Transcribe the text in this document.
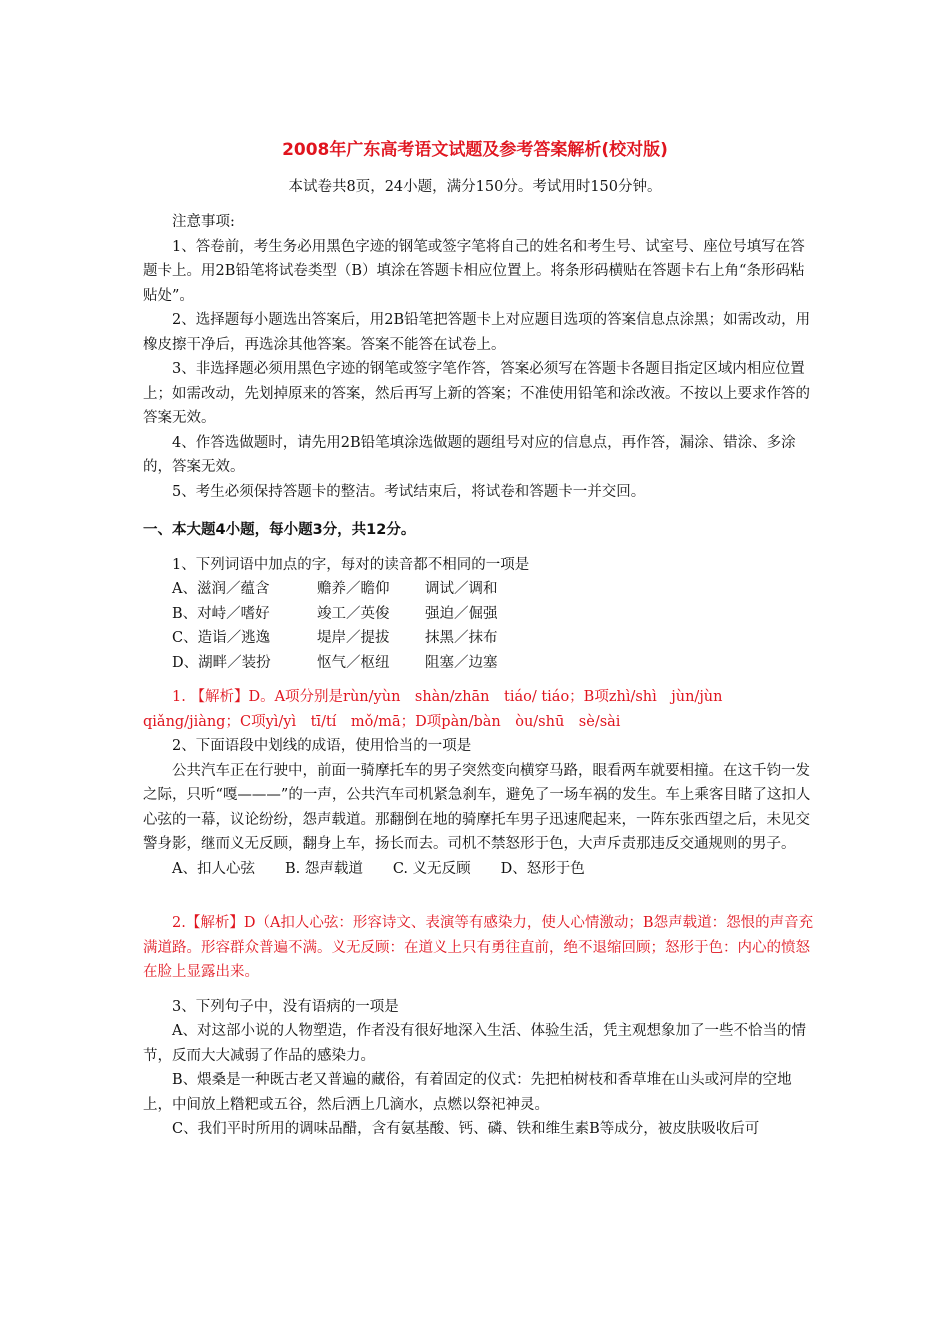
2008年广东高考语文试题及参考答案解析(校对版)
本试卷共8页，24小题，满分150分。考试用时150分钟。

注意事项:

1、答卷前，考生务必用黑色字迹的钢笔或签字笔将自己的姓名和考生号、试室号、座位号填写在答题卡上。用2B铅笔将试卷类型（B）填涂在答题卡相应位置上。将条形码横贴在答题卡右上角“条形码粘贴处”。

2、选择题每小题选出答案后，用2B铅笔把答题卡上对应题目选项的答案信息点涂黑；如需改动，用橡皮擦干净后，再选涂其他答案。答案不能答在试卷上。

3、非选择题必须用黑色字迹的钢笔或签字笔作答，答案必须写在答题卡各题目指定区域内相应位置上；如需改动，先划掉原来的答案，然后再写上新的答案；不准使用铅笔和涂改液。不按以上要求作答的答案无效。

4、作答选做题时，请先用2B铅笔填涂选做题的题组号对应的信息点，再作答，漏涂、错涂、多涂的，答案无效。

5、考生必须保持答题卡的整洁。考试结束后，将试卷和答题卡一并交回。

一、本大题4小题，每小题3分，共12分。

1、下列词语中加点的字，每对的读音都不相同的一项是

A、滋润／蕴含	赡养／瞻仰	调试／调和
B、对峙／嗜好	竣工／英俊	强迫／倔强
C、造诣／逃逸	堤岸／提拔	抹黑／抹布
D、湖畔／装扮	怄气／枢纽	阻塞／边塞

1. 【解析】D。A项分别是rùn/yùn　shàn/zhān　tiáo/ tiáo；B项zhì/shì　jùn/jùn

qiǎng/jiàng；C项yì/yì　tī/tí　mǒ/mā；D项pàn/bàn　òu/shū　sè/sài

2、下面语段中划线的成语，使用恰当的一项是

公共汽车正在行驶中，前面一骑摩托车的男子突然变向横穿马路，眼看两车就要相撞。在这千钧一发之际，只听“嘎———”的一声，公共汽车司机紧急刹车，避免了一场车祸的发生。车上乘客目睹了这扣人心弦的一幕，议论纷纷，怨声载道。那翻倒在地的骑摩托车男子迅速爬起来，一阵东张西望之后，未见交警身影，继而义无反顾，翻身上车，扬长而去。司机不禁怒形于色，大声斥责那违反交通规则的男子。

A、扣人心弦 B. 怨声载道 C. 义无反顾 D、怒形于色

2.【解析】D（A扣人心弦：形容诗文、表演等有感染力，使人心情激动；B怨声载道：怨恨的声音充满道路。形容群众普遍不满。义无反顾：在道义上只有勇往直前，绝不退缩回顾；怒形于色：内心的愤怒在脸上显露出来。

3、下列句子中，没有语病的一项是

A、对这部小说的人物塑造，作者没有很好地深入生活、体验生活，凭主观想象加了一些不恰当的情节，反而大大减弱了作品的感染力。

B、煨桑是一种既古老又普遍的藏俗，有着固定的仪式：先把柏树枝和香草堆在山头或河岸的空地上，中间放上糌粑或五谷，然后洒上几滴水，点燃以祭祀神灵。

C、我们平时所用的调味品醋，含有氨基酸、钙、磷、铁和维生素B等成分，被皮肤吸收后可
